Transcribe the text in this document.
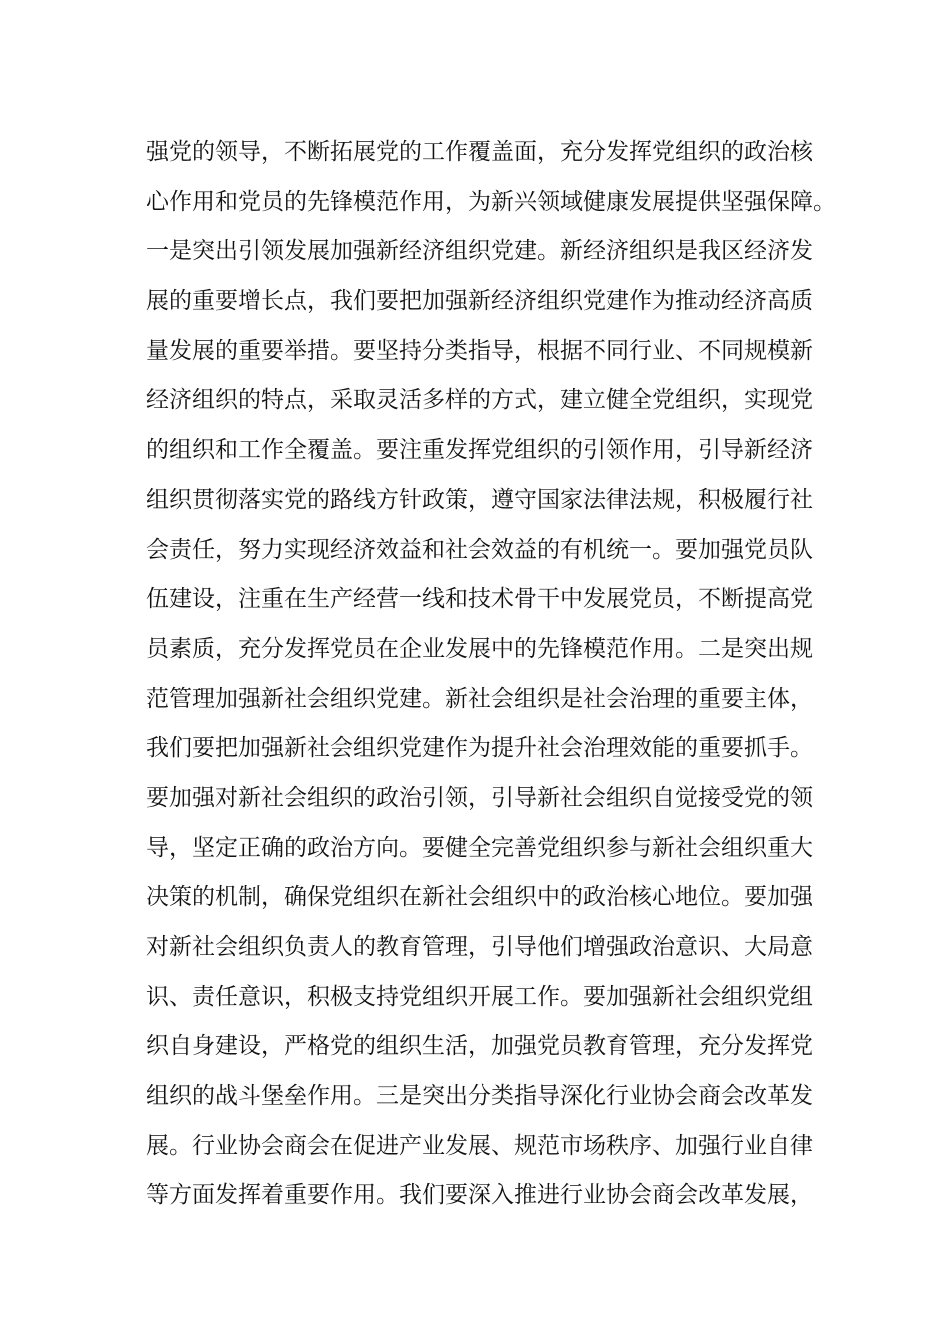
强党的领导，不断拓展党的工作覆盖面，充分发挥党组织的政治核
心作用和党员的先锋模范作用，为新兴领域健康发展提供坚强保障。
一是突出引领发展加强新经济组织党建。新经济组织是我区经济发
展的重要增长点，我们要把加强新经济组织党建作为推动经济高质
量发展的重要举措。要坚持分类指导，根据不同行业、不同规模新
经济组织的特点，采取灵活多样的方式，建立健全党组织，实现党
的组织和工作全覆盖。要注重发挥党组织的引领作用，引导新经济
组织贯彻落实党的路线方针政策，遵守国家法律法规，积极履行社
会责任，努力实现经济效益和社会效益的有机统一。要加强党员队
伍建设，注重在生产经营一线和技术骨干中发展党员，不断提高党
员素质，充分发挥党员在企业发展中的先锋模范作用。二是突出规
范管理加强新社会组织党建。新社会组织是社会治理的重要主体，
我们要把加强新社会组织党建作为提升社会治理效能的重要抓手。
要加强对新社会组织的政治引领，引导新社会组织自觉接受党的领
导，坚定正确的政治方向。要健全完善党组织参与新社会组织重大
决策的机制，确保党组织在新社会组织中的政治核心地位。要加强
对新社会组织负责人的教育管理，引导他们增强政治意识、大局意
识、责任意识，积极支持党组织开展工作。要加强新社会组织党组
织自身建设，严格党的组织生活，加强党员教育管理，充分发挥党
组织的战斗堡垒作用。三是突出分类指导深化行业协会商会改革发
展。行业协会商会在促进产业发展、规范市场秩序、加强行业自律
等方面发挥着重要作用。我们要深入推进行业协会商会改革发展，
